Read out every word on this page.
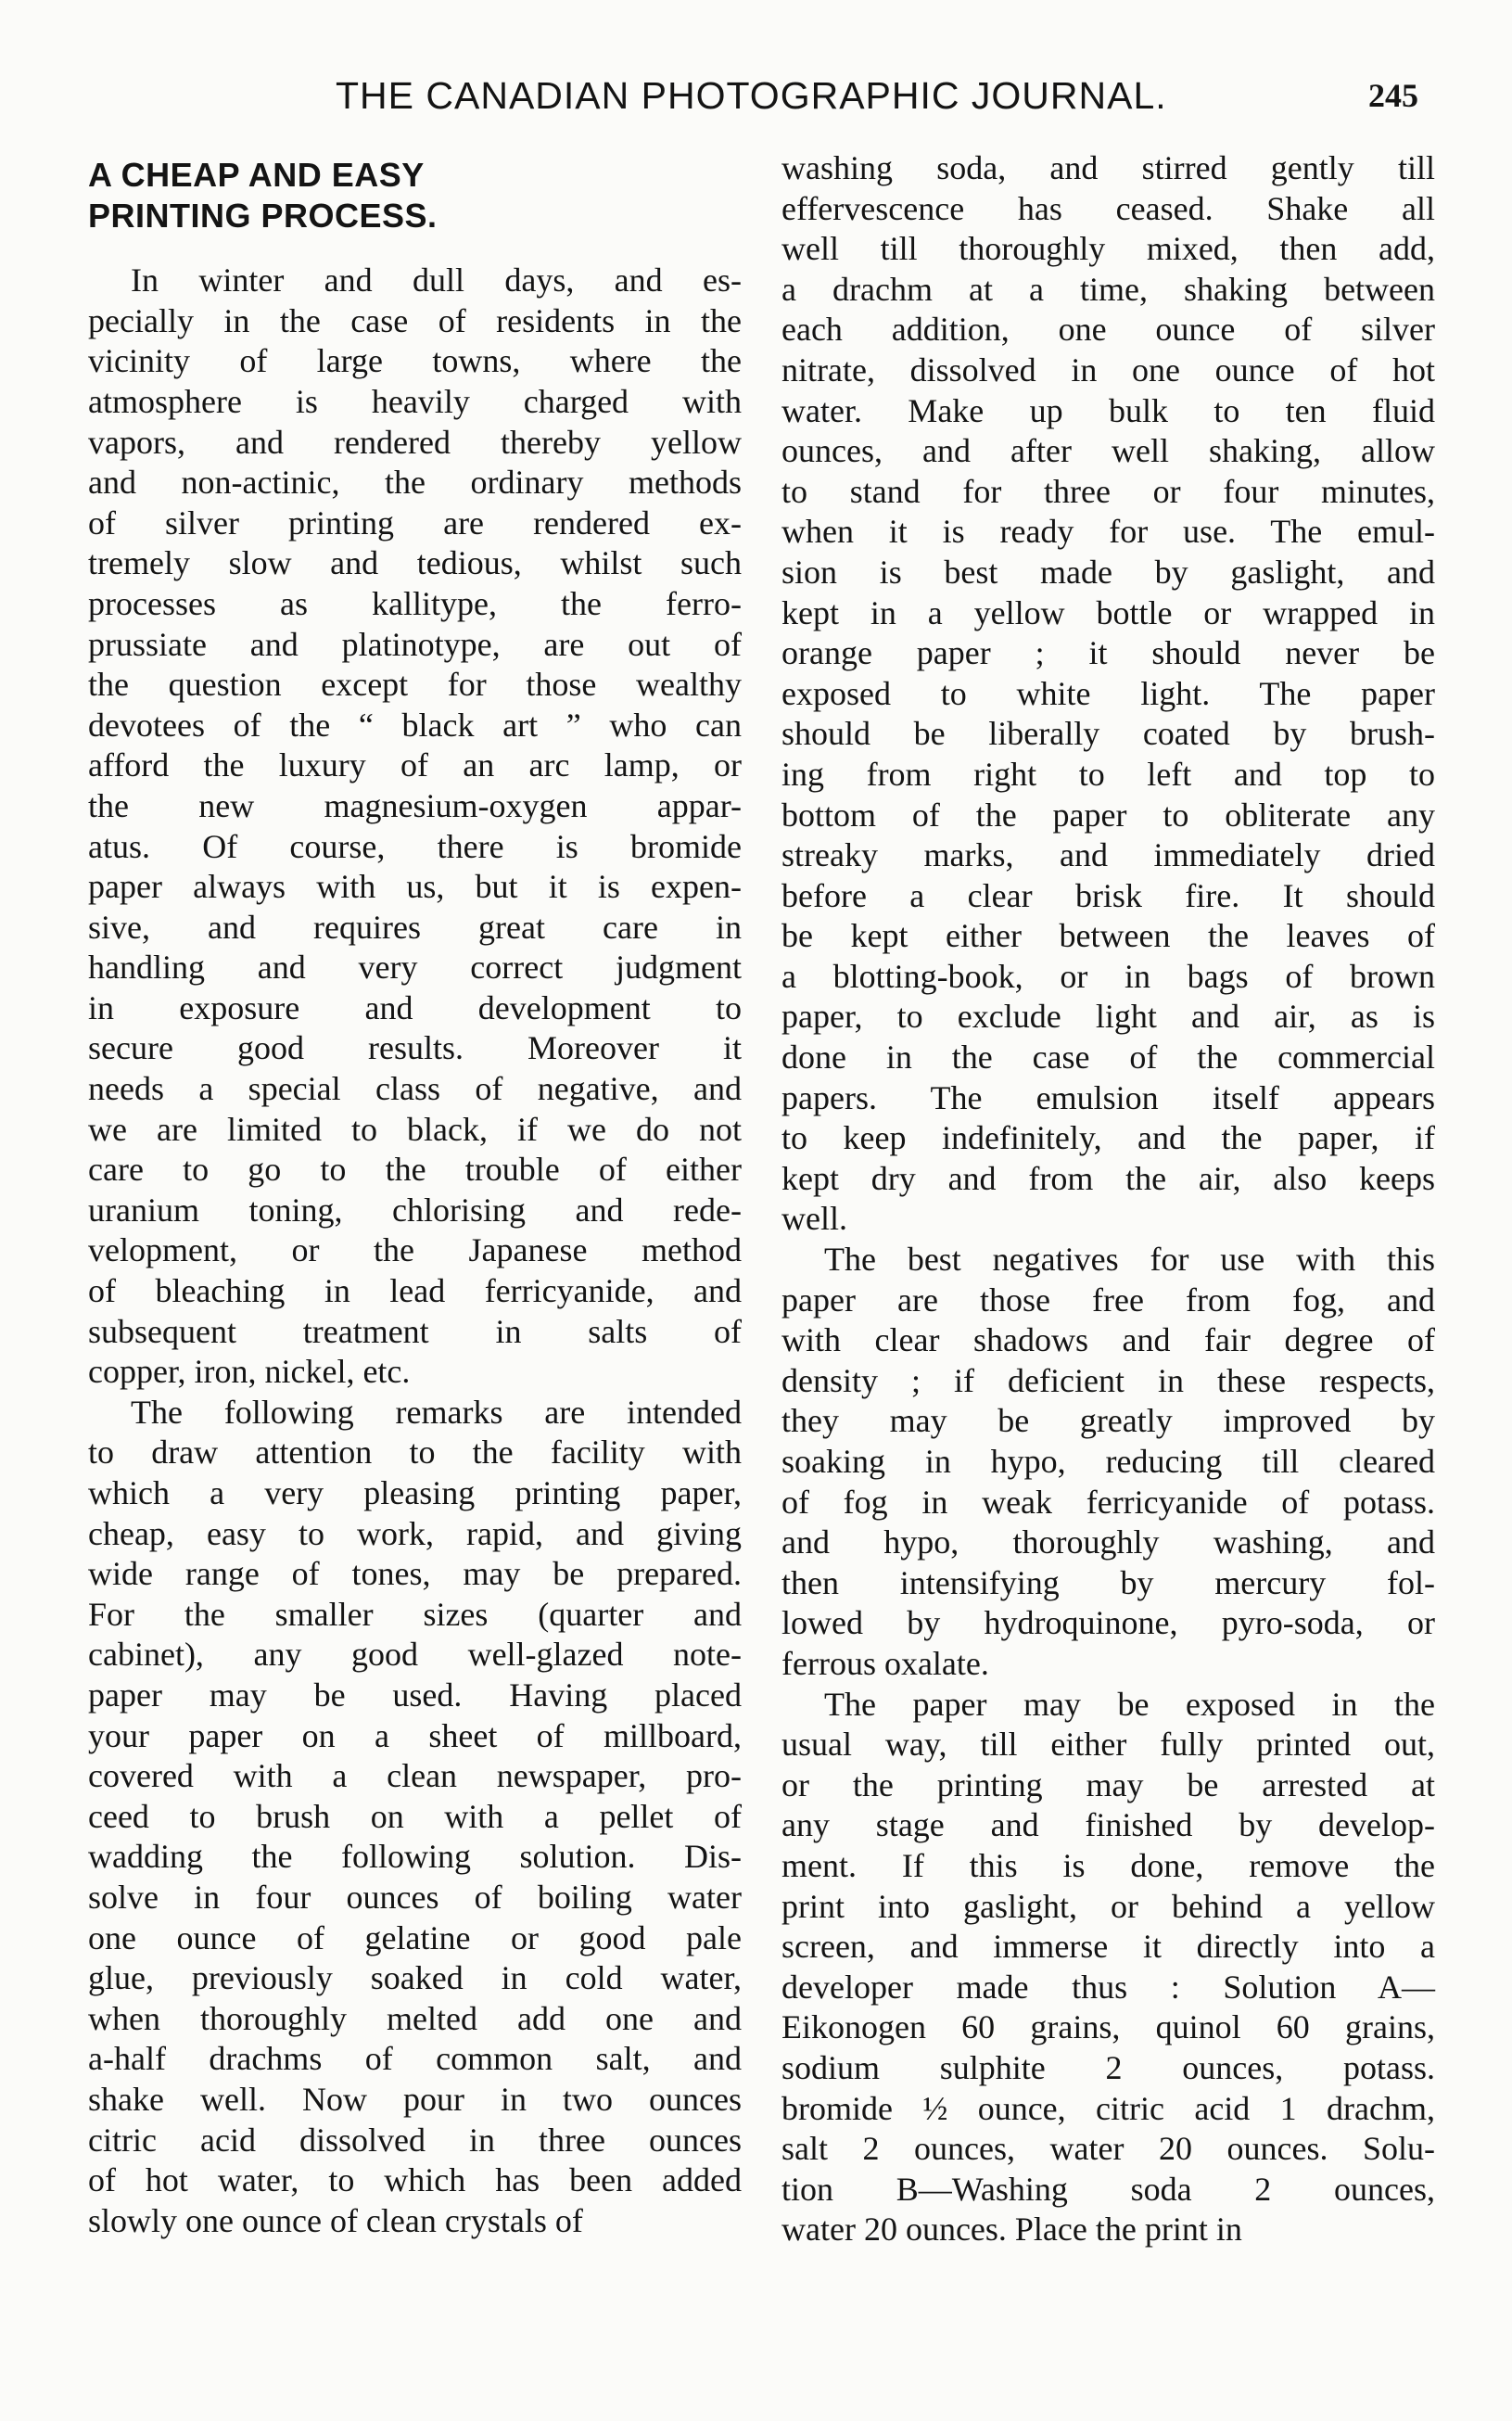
THE CANADIAN PHOTOGRAPHIC JOURNAL.	245
A CHEAP AND EASY
PRINTING PROCESS.
In winter and dull days, and es-
pecially in the case of residents in the
vicinity of large towns, where the
atmosphere is heavily charged with
vapors, and rendered thereby yellow
and non-actinic, the ordinary methods
of silver printing are rendered ex-
tremely slow and tedious, whilst such
processes as kallitype, the ferro-
prussiate and platinotype, are out of
the question except for those wealthy
devotees of the “ black art ” who can
afford the luxury of an arc lamp, or
the new magnesium-oxygen appar-
atus. Of course, there is bromide
paper always with us, but it is expen-
sive, and requires great care in
handling and very correct judgment
in exposure and development to
secure good results. Moreover it
needs a special class of negative, and
we are limited to black, if we do not
care to go to the trouble of either
uranium toning, chlorising and rede-
velopment, or the Japanese method
of bleaching in lead ferricyanide, and
subsequent treatment in salts of
copper, iron, nickel, etc.
The following remarks are intended
to draw attention to the facility with
which a very pleasing printing paper,
cheap, easy to work, rapid, and giving
wide range of tones, may be prepared.
For the smaller sizes (quarter and
cabinet), any good well-glazed note-
paper may be used. Having placed
your paper on a sheet of millboard,
covered with a clean newspaper, pro-
ceed to brush on with a pellet of
wadding the following solution. Dis-
solve in four ounces of boiling water
one ounce of gelatine or good pale
glue, previously soaked in cold water,
when thoroughly melted add one and
a-half drachms of common salt, and
shake well. Now pour in two ounces
citric acid dissolved in three ounces
of hot water, to which has been added
slowly one ounce of clean crystals of
washing soda, and stirred gently till
effervescence has ceased. Shake all
well till thoroughly mixed, then add,
a drachm at a time, shaking between
each addition, one ounce of silver
nitrate, dissolved in one ounce of hot
water. Make up bulk to ten fluid
ounces, and after well shaking, allow
to stand for three or four minutes,
when it is ready for use. The emul-
sion is best made by gaslight, and
kept in a yellow bottle or wrapped in
orange paper ; it should never be
exposed to white light. The paper
should be liberally coated by brush-
ing from right to left and top to
bottom of the paper to obliterate any
streaky marks, and immediately dried
before a clear brisk fire. It should
be kept either between the leaves of
a blotting-book, or in bags of brown
paper, to exclude light and air, as is
done in the case of the commercial
papers. The emulsion itself appears
to keep indefinitely, and the paper, if
kept dry and from the air, also keeps
well.
The best negatives for use with this
paper are those free from fog, and
with clear shadows and fair degree of
density ; if deficient in these respects,
they may be greatly improved by
soaking in hypo, reducing till cleared
of fog in weak ferricyanide of potass.
and hypo, thoroughly washing, and
then intensifying by mercury fol-
lowed by hydroquinone, pyro-soda, or
ferrous oxalate.
The paper may be exposed in the
usual way, till either fully printed out,
or the printing may be arrested at
any stage and finished by develop-
ment. If this is done, remove the
print into gaslight, or behind a yellow
screen, and immerse it directly into a
developer made thus : Solution A—
Eikonogen 60 grains, quinol 60 grains,
sodium sulphite 2 ounces, potass.
bromide ½ ounce, citric acid 1 drachm,
salt 2 ounces, water 20 ounces. Solu-
tion B—Washing soda 2 ounces,
water 20 ounces. Place the print in
